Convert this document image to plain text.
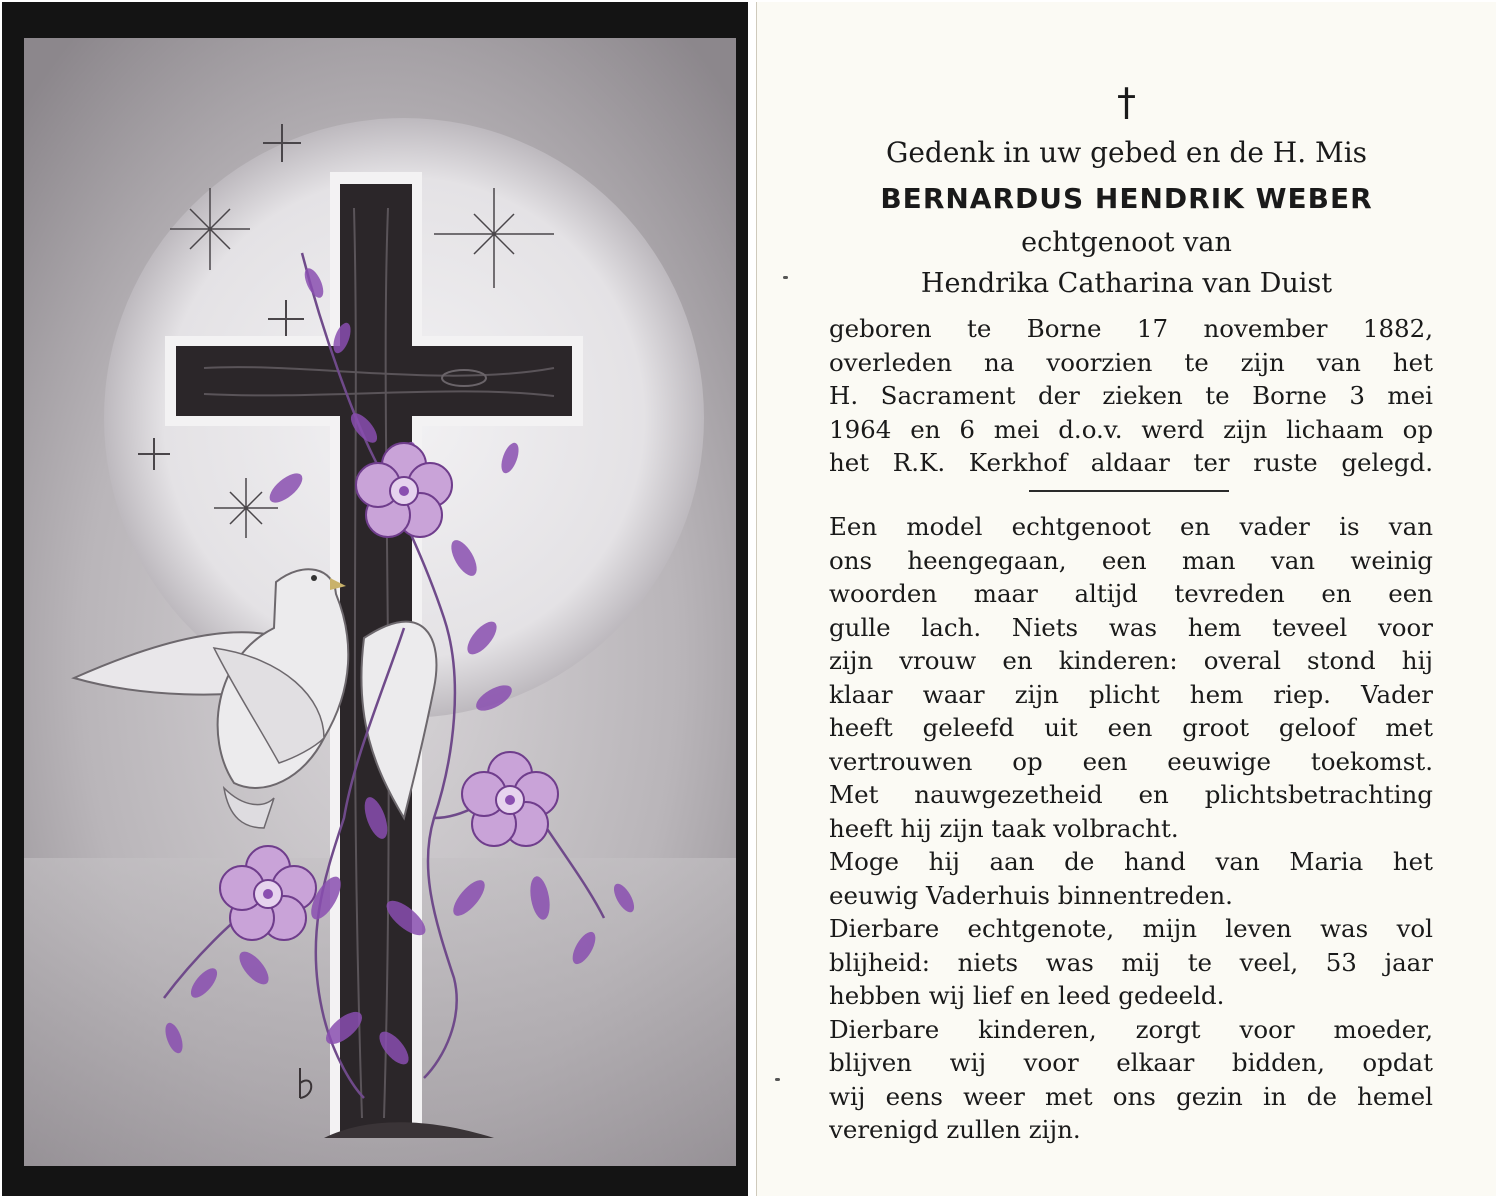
†
Gedenk in uw gebed en de H. Mis
BERNARDUS HENDRIK WEBER
echtgenoot van
Hendrika Catharina van Duist
geboren te Borne 17 november 1882,
overleden na voorzien te zijn van het
H. Sacrament der zieken te Borne 3 mei
1964 en 6 mei d.o.v. werd zijn lichaam op
het R.K. Kerkhof aldaar ter ruste gelegd.
Een model echtgenoot en vader is van
ons heengegaan, een man van weinig
woorden maar altijd tevreden en een
gulle lach. Niets was hem teveel voor
zijn vrouw en kinderen: overal stond hij
klaar waar zijn plicht hem riep. Vader
heeft geleefd uit een groot geloof met
vertrouwen op een eeuwige toekomst.
Met nauwgezetheid en plichtsbetrachting
heeft hij zijn taak volbracht.
Moge hij aan de hand van Maria het
eeuwig Vaderhuis binnentreden.
Dierbare echtgenote, mijn leven was vol
blijheid: niets was mij te veel, 53 jaar
hebben wij lief en leed gedeeld.
Dierbare kinderen, zorgt voor moeder,
blijven wij voor elkaar bidden, opdat
wij eens weer met ons gezin in de hemel
verenigd zullen zijn.
